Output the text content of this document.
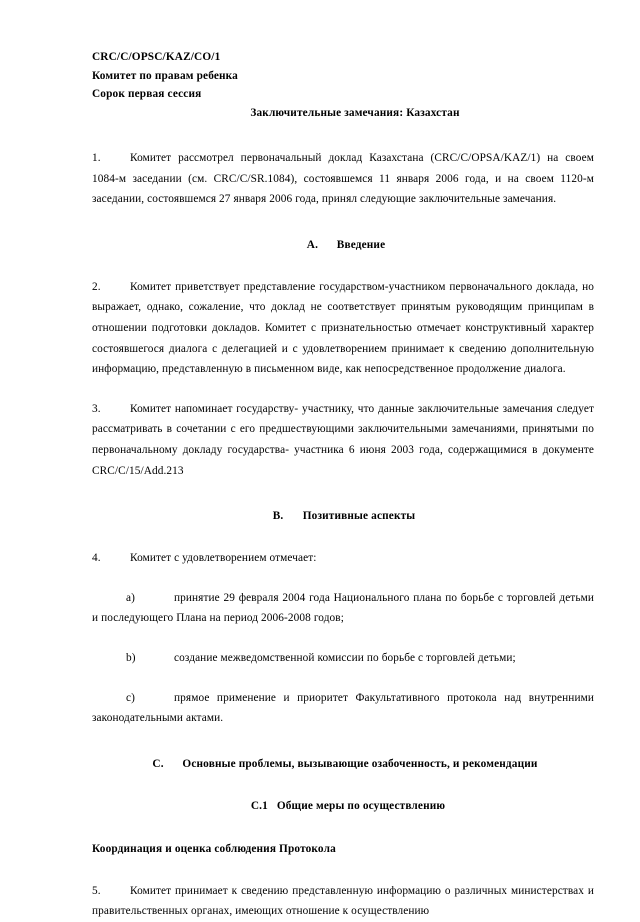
CRC/C/OPSC/KAZ/CO/1
Комитет по правам ребенка
Сорок первая сессия
Заключительные замечания: Казахстан

1.	Комитет рассмотрел первоначальный доклад Казахстана (CRC/C/OPSA/KAZ/1) на своем 1084-м заседании (см. CRC/C/SR.1084), состоявшемся 11 января 2006 года, и на своем 1120-м заседании, состоявшемся 27 января 2006 года, принял следующие заключительные замечания.

A. Введение

2.	Комитет приветствует представление государством-участником первоначального доклада, но выражает, однако, сожаление, что доклад не соответствует принятым руководящим принципам в отношении подготовки докладов. Комитет с признательностью отмечает конструктивный характер состоявшегося диалога с делегацией и с удовлетворением принимает к сведению дополнительную информацию, представленную в письменном виде, как непосредственное продолжение диалога.

3.	Комитет напоминает государству- участнику, что данные заключительные замечания следует рассматривать в сочетании с его предшествующими заключительными замечаниями, принятыми по первоначальному докладу государства- участника 6 июня 2003 года, содержащимися в документе CRC/C/15/Add.213

B. Позитивные аспекты

4.	Комитет с удовлетворением отмечает:

a)	принятие 29 февраля 2004 года Национального плана по борьбе с торговлей детьми и последующего Плана на период 2006-2008 годов;

b)	создание межведомственной комиссии по борьбе с торговлей детьми;

c)	прямое применение и приоритет Факультативного протокола над внутренними законодательными актами.

C. Основные проблемы, вызывающие озабоченность, и рекомендации
C.1 Общие меры по осуществлению
Координация и оценка соблюдения Протокола

5.	Комитет принимает к сведению представленную информацию о различных министерствах и правительственных органах, имеющих отношение к осуществлению
